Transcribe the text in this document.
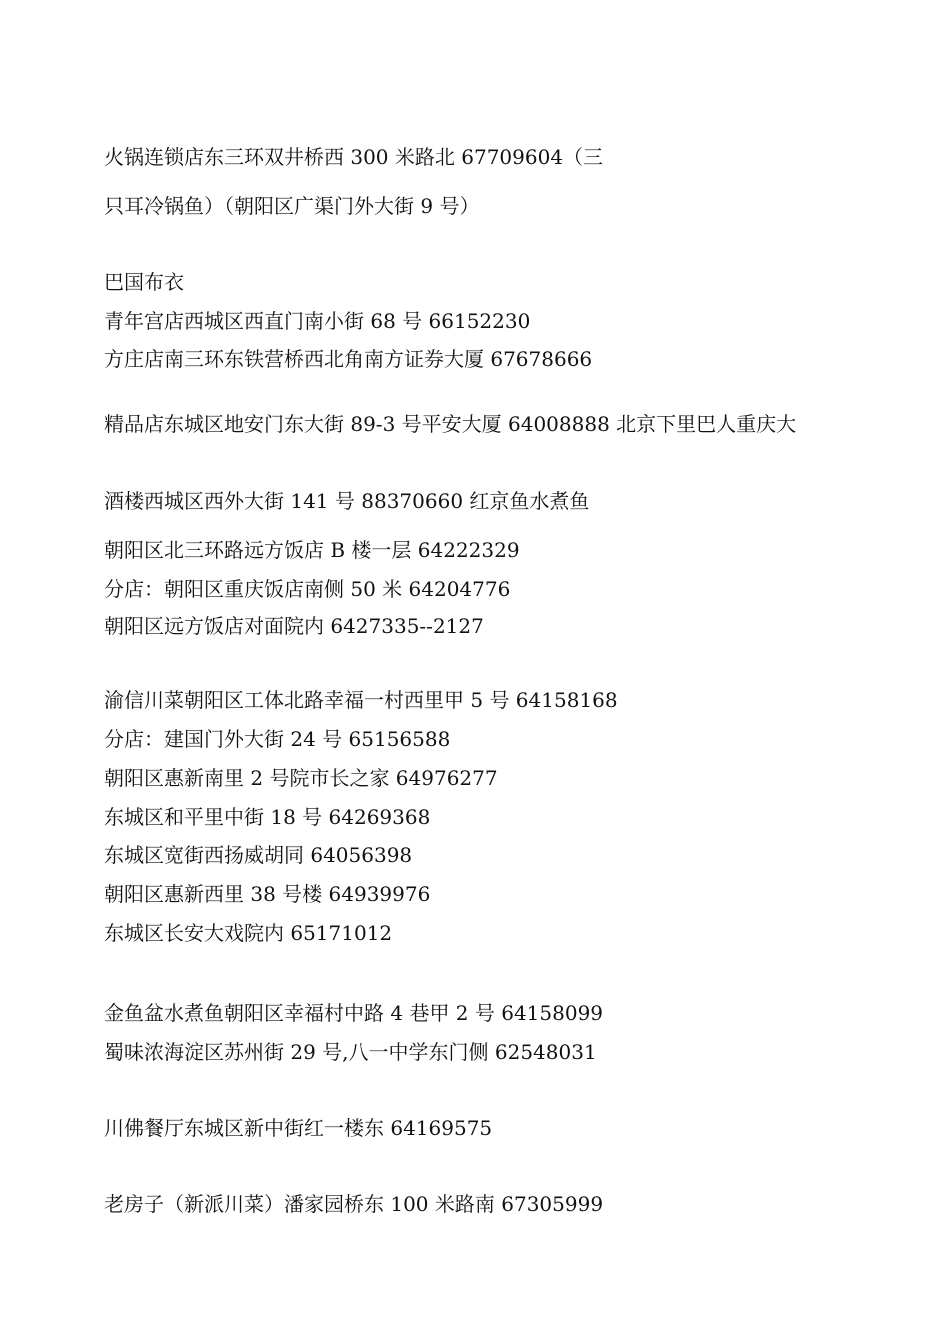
火锅连锁店东三环双井桥西 300 米路北 67709604（三
只耳冷锅鱼）（朝阳区广渠门外大街 9 号）
巴国布衣
青年宫店西城区西直门南小街 68 号 66152230
方庄店南三环东铁营桥西北角南方证券大厦 67678666
精品店东城区地安门东大街 89-3 号平安大厦 64008888 北京下里巴人重庆大
酒楼西城区西外大街 141 号 88370660 红京鱼水煮鱼
朝阳区北三环路远方饭店 B 楼一层 64222329
分店：朝阳区重庆饭店南侧 50 米 64204776
朝阳区远方饭店对面院内 6427335--2127
渝信川菜朝阳区工体北路幸福一村西里甲 5 号 64158168
分店：建国门外大街 24 号 65156588
朝阳区惠新南里 2 号院市长之家 64976277
东城区和平里中街 18 号 64269368
东城区宽街西扬威胡同 64056398
朝阳区惠新西里 38 号楼 64939976
东城区长安大戏院内 65171012
金鱼盆水煮鱼朝阳区幸福村中路 4 巷甲 2 号 64158099
蜀味浓海淀区苏州街 29 号,八一中学东门侧 62548031
川佛餐厅东城区新中街红一楼东 64169575
老房子（新派川菜）潘家园桥东 100 米路南 67305999
